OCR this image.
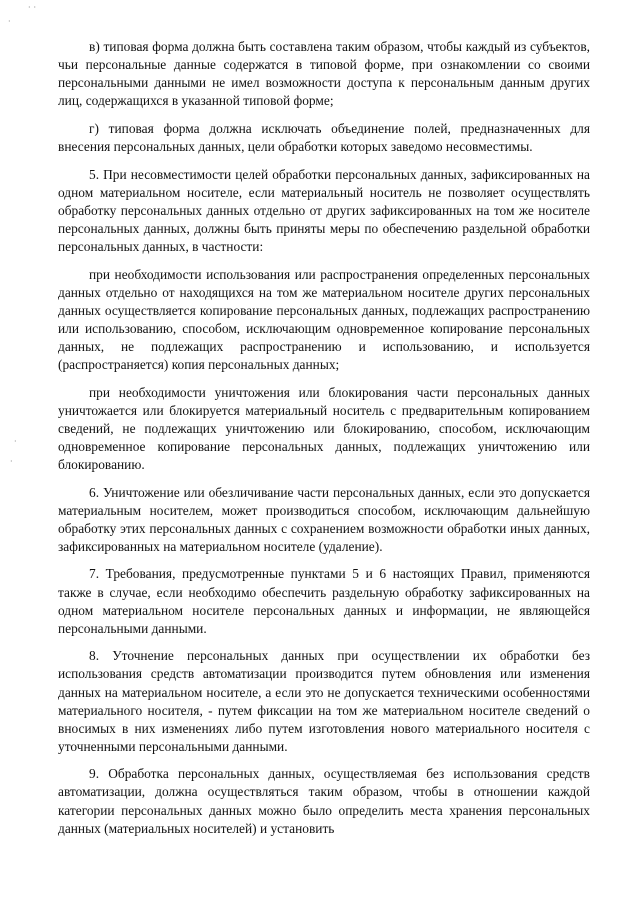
··
·
·
·

в) типовая форма должна быть составлена таким образом, чтобы каждый из субъектов, чьи персональные данные содержатся в типовой форме, при ознакомлении со своими персональными данными не имел возможности доступа к персональным данным других лиц, содержащихся в указанной типовой форме;

г) типовая форма должна исключать объединение полей, предназначенных для внесения персональных данных, цели обработки которых заведомо несовместимы.

5. При несовместимости целей обработки персональных данных, зафиксированных на одном материальном носителе, если материальный носитель не позволяет осуществлять обработку персональных данных отдельно от других зафиксированных на том же носителе персональных данных, должны быть приняты меры по обеспечению раздельной обработки персональных данных, в частности:

при необходимости использования или распространения определенных персональных данных отдельно от находящихся на том же материальном носителе других персональных данных осуществляется копирование персональных данных, подлежащих распространению или использованию, способом, исключающим одновременное копирование персональных данных, не подлежащих распространению и использованию, и используется (распространяется) копия персональных данных;

при необходимости уничтожения или блокирования части персональных данных уничтожается или блокируется материальный носитель с предварительным копированием сведений, не подлежащих уничтожению или блокированию, способом, исключающим одновременное копирование персональных данных, подлежащих уничтожению или блокированию.

6. Уничтожение или обезличивание части персональных данных, если это допускается материальным носителем, может производиться способом, исключающим дальнейшую обработку этих персональных данных с сохранением возможности обработки иных данных, зафиксированных на материальном носителе (удаление).

7. Требования, предусмотренные пунктами 5 и 6 настоящих Правил, применяются также в случае, если необходимо обеспечить раздельную обработку зафиксированных на одном материальном носителе персональных данных и информации, не являющейся персональными данными.

8. Уточнение персональных данных при осуществлении их обработки без использования средств автоматизации производится путем обновления или изменения данных на материальном носителе, а если это не допускается техническими особенностями материального носителя, - путем фиксации на том же материальном носителе сведений о вносимых в них изменениях либо путем изготовления нового материального носителя с уточненными персональными данными.

9. Обработка персональных данных, осуществляемая без использования средств автоматизации, должна осуществляться таким образом, чтобы в отношении каждой категории персональных данных можно было определить места хранения персональных данных (материальных носителей) и установить
